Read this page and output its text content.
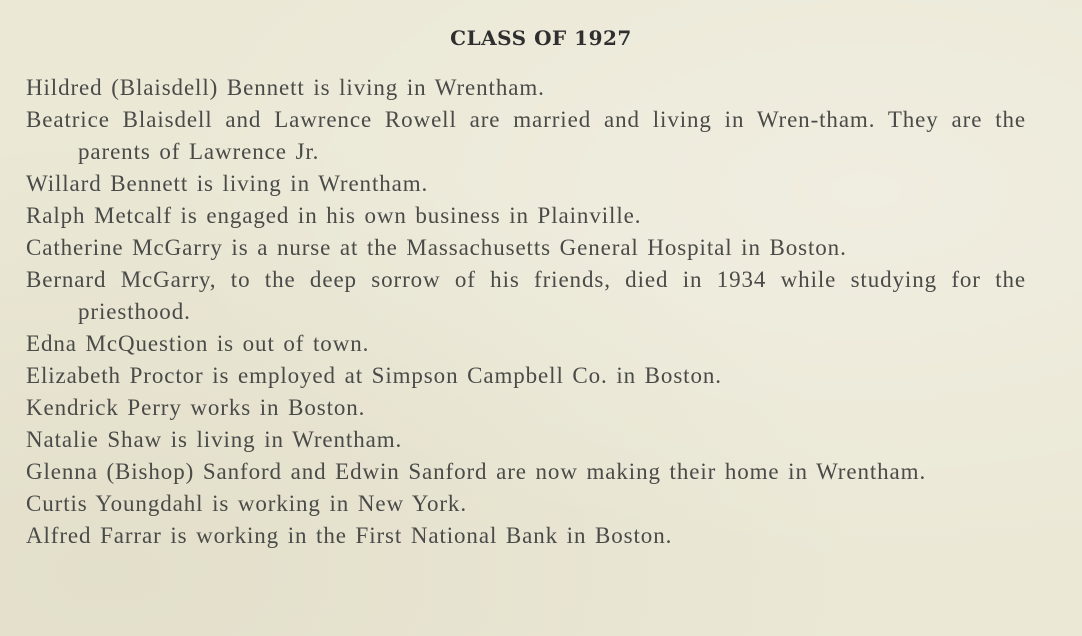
CLASS OF 1927
Hildred (Blaisdell) Bennett is living in Wrentham.
Beatrice Blaisdell and Lawrence Rowell are married and living in Wren-tham. They are the parents of Lawrence Jr.
Willard Bennett is living in Wrentham.
Ralph Metcalf is engaged in his own business in Plainville.
Catherine McGarry is a nurse at the Massachusetts General Hospital in Boston.
Bernard McGarry, to the deep sorrow of his friends, died in 1934 while studying for the priesthood.
Edna McQuestion is out of town.
Elizabeth Proctor is employed at Simpson Campbell Co. in Boston.
Kendrick Perry works in Boston.
Natalie Shaw is living in Wrentham.
Glenna (Bishop) Sanford and Edwin Sanford are now making their home in Wrentham.
Curtis Youngdahl is working in New York.
Alfred Farrar is working in the First National Bank in Boston.
